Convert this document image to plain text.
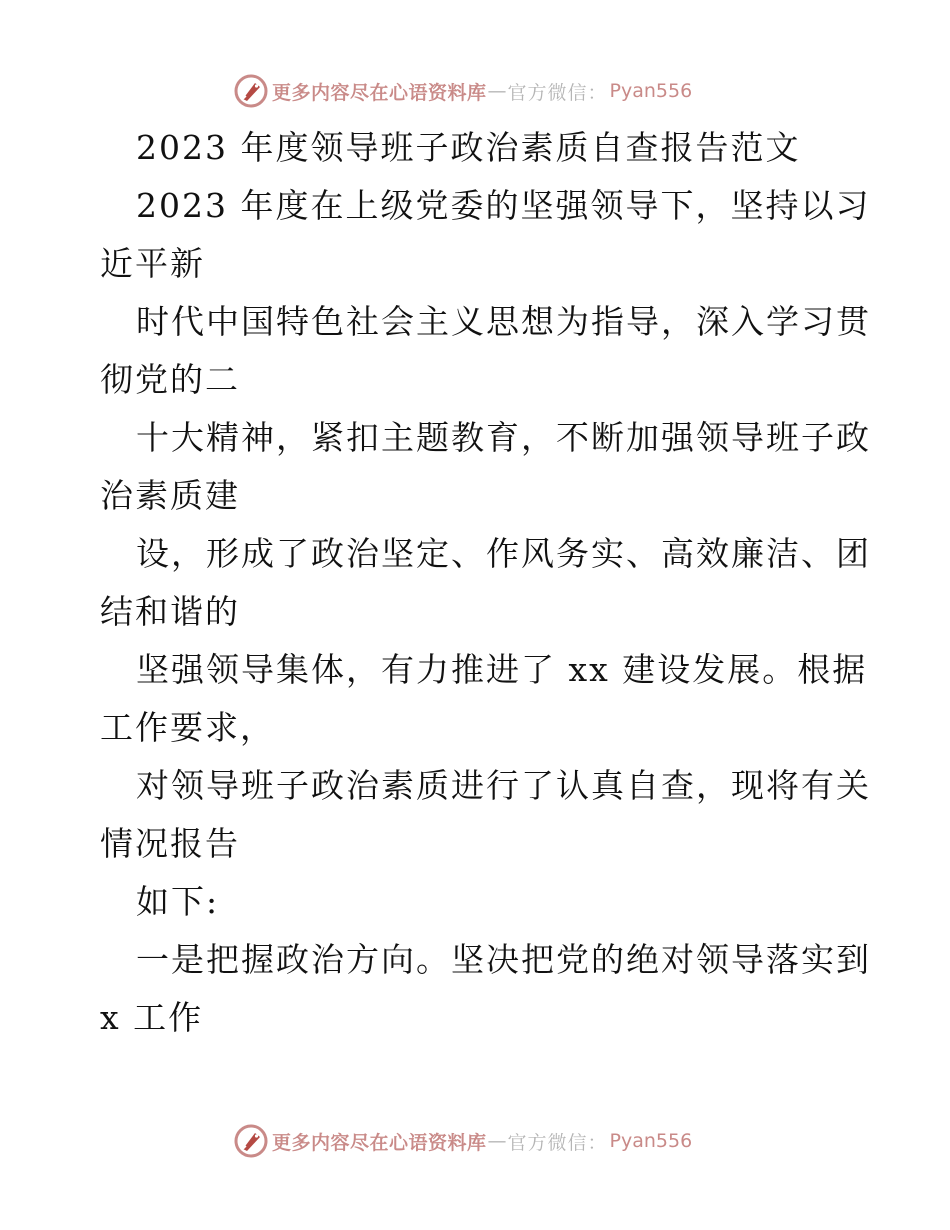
更多内容尽在心语资料库 — 官方微信： Pyan556
2023 年度领导班子政治素质自查报告范文
2023 年度在上级党委的坚强领导下，坚持以习
近平新
时代中国特色社会主义思想为指导，深入学习贯
彻党的二
十大精神，紧扣主题教育，不断加强领导班子政
治素质建
设，形成了政治坚定、作风务实、高效廉洁、团
结和谐的
坚强领导集体，有力推进了 xx 建设发展。根据
工作要求，
对领导班子政治素质进行了认真自查，现将有关
情况报告
如下:
一是把握政治方向。坚决把党的绝对领导落实到
x 工作
更多内容尽在心语资料库 — 官方微信： Pyan556
